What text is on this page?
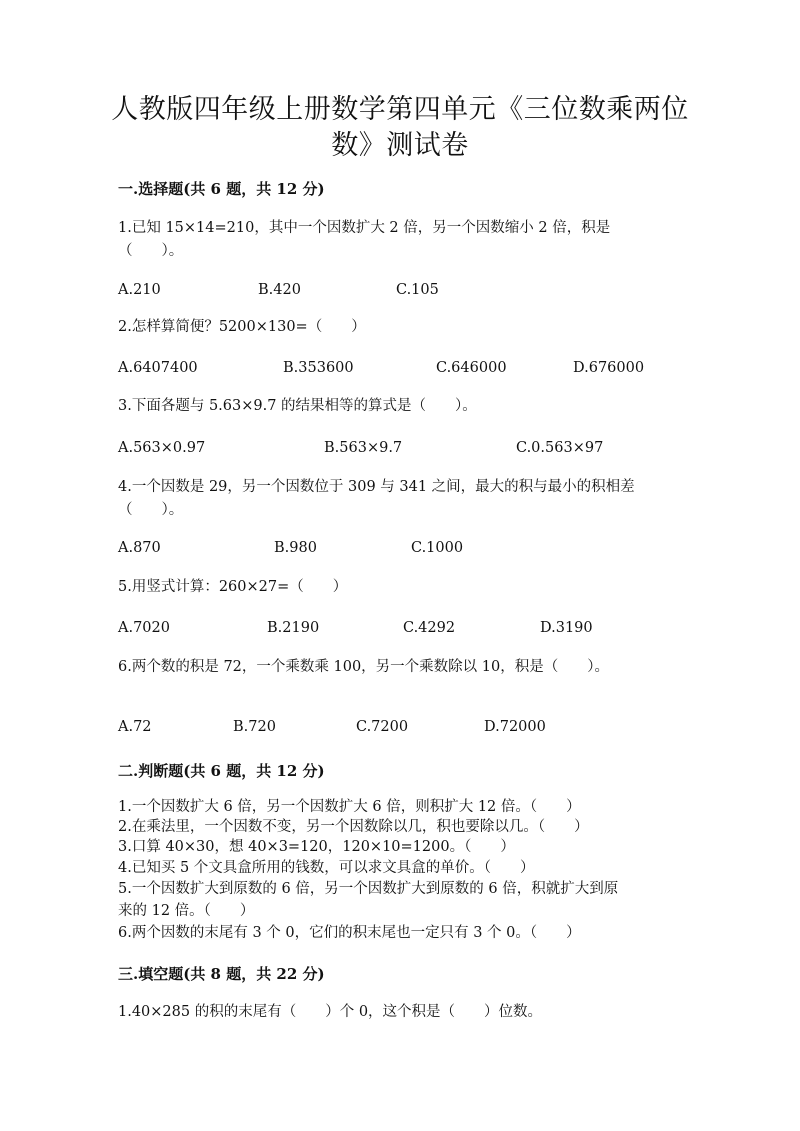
人教版四年级上册数学第四单元《三位数乘两位
数》测试卷
一.选择题(共 6 题，共 12 分)
1.已知 15×14=210，其中一个因数扩大 2 倍，另一个因数缩小 2 倍，积是
（　　）。
A.210	B.420	C.105
2.怎样算简便？5200×130=（　　）
A.6407400	B.353600	C.646000	D.676000
3.下面各题与 5.63×9.7 的结果相等的算式是（　　）。
A.563×0.97	B.563×9.7	C.0.563×97
4.一个因数是 29，另一个因数位于 309 与 341 之间，最大的积与最小的积相差
（　　）。
A.870	B.980	C.1000
5.用竖式计算：260×27=（　　）
A.7020	B.2190	C.4292	D.3190
6.两个数的积是 72，一个乘数乘 100，另一个乘数除以 10，积是（　　）。
A.72	B.720	C.7200	D.72000
二.判断题(共 6 题，共 12 分)
1.一个因数扩大 6 倍，另一个因数扩大 6 倍，则积扩大 12 倍。（　　）
2.在乘法里，一个因数不变，另一个因数除以几，积也要除以几。（　　）
3.口算 40×30，想 40×3=120，120×10=1200。（　　）
4.已知买 5 个文具盒所用的钱数，可以求文具盒的单价。（　　）
5.一个因数扩大到原数的 6 倍，另一个因数扩大到原数的 6 倍，积就扩大到原
来的 12 倍。（　　）
6.两个因数的末尾有 3 个 0，它们的积末尾也一定只有 3 个 0。（　　）
三.填空题(共 8 题，共 22 分)
1.40×285 的积的末尾有（　　）个 0，这个积是（　　）位数。
